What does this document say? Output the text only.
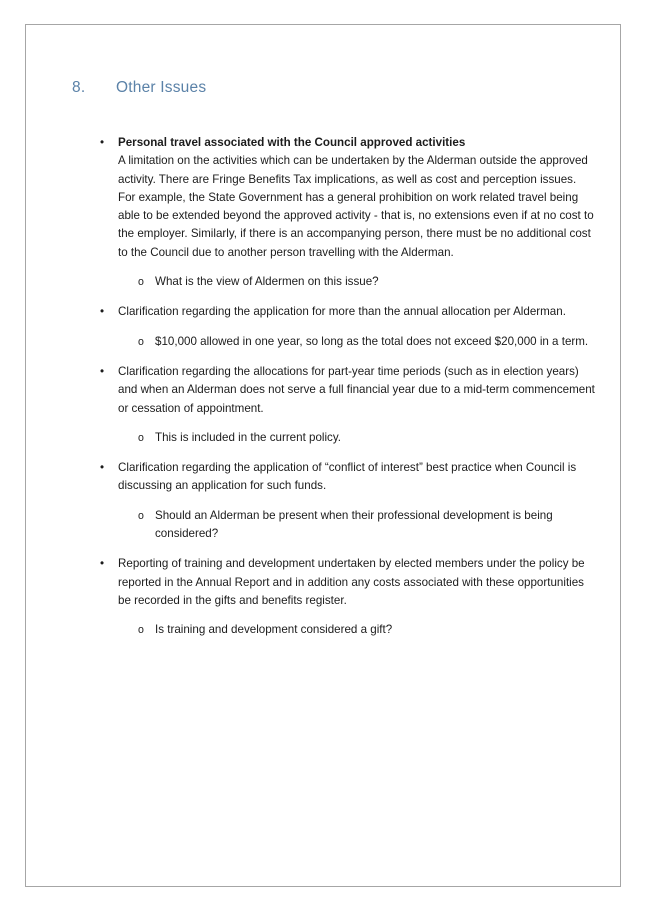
8.	Other Issues
• Personal travel associated with the Council approved activities
A limitation on the activities which can be undertaken by the Alderman outside the approved activity. There are Fringe Benefits Tax implications, as well as cost and perception issues. For example, the State Government has a general prohibition on work related travel being able to be extended beyond the approved activity - that is, no extensions even if at no cost to the employer. Similarly, if there is an accompanying person, there must be no additional cost to the Council due to another person travelling with the Alderman.
o What is the view of Aldermen on this issue?
• Clarification regarding the application for more than the annual allocation per Alderman.
o $10,000 allowed in one year, so long as the total does not exceed $20,000 in a term.
• Clarification regarding the allocations for part-year time periods (such as in election years) and when an Alderman does not serve a full financial year due to a mid-term commencement or cessation of appointment.
o This is included in the current policy.
• Clarification regarding the application of “conflict of interest” best practice when Council is discussing an application for such funds.
o Should an Alderman be present when their professional development is being considered?
• Reporting of training and development undertaken by elected members under the policy be reported in the Annual Report and in addition any costs associated with these opportunities be recorded in the gifts and benefits register.
o Is training and development considered a gift?
